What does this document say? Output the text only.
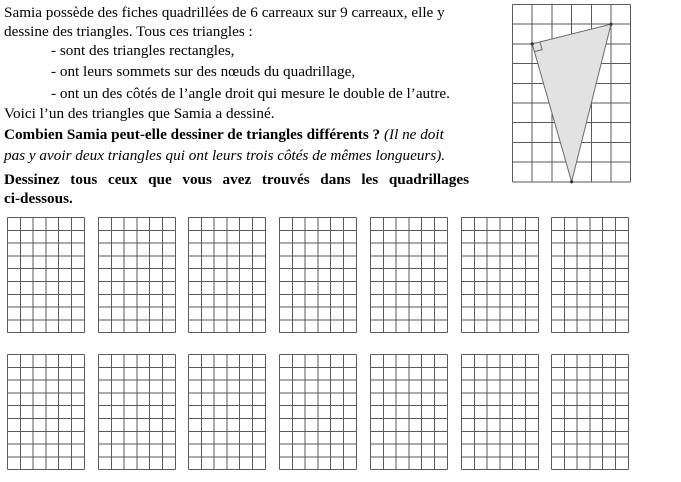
Samia possède des fiches quadrillées de 6 carreaux sur 9 carreaux, elle y
dessine des triangles. Tous ces triangles :
- sont des triangles rectangles,
- ont leurs sommets sur des nœuds du quadrillage,
- ont un des côtés de l’angle droit qui mesure le double de l’autre.
Voici l’un des triangles que Samia a dessiné.
Combien Samia peut-elle dessiner de triangles différents ? (Il ne doit
pas y avoir deux triangles qui ont leurs trois côtés de mêmes longueurs).
Dessinez tous ceux que vous avez trouvés dans les quadrillages
ci-dessous.
